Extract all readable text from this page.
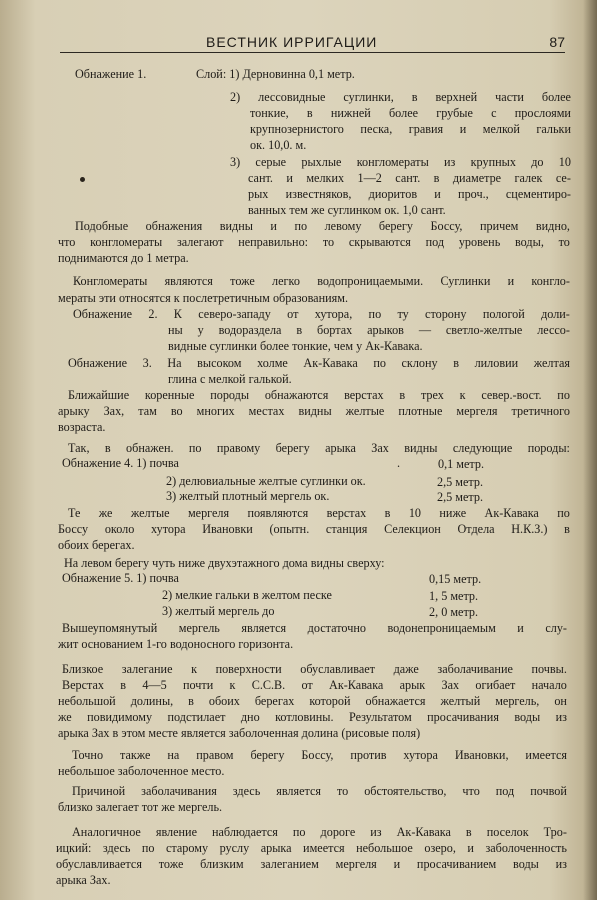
ВЕСТНИК ИРРИГАЦИИ	87
Обнажение 1.	Слой: 1) Дерновинна 0,1 метр.
2) лессовидные суглинки, в верхней части более
тонкие, в нижней более грубые с прослоями
крупнозернистого песка, гравия и мелкой гальки
ок. 10,0. м.
3) серые рыхлые конгломераты из крупных до 10
сант. и мелких 1—2 сант. в диаметре галек се-
рых известняков, диоритов и проч., сцементиро-
ванных тем же суглинком ок. 1,0 сант.
Подобные обнажения видны и по левому берегу Боссу, причем видно,
что конгломераты залегают неправильно: то скрываются под уровень воды, то
поднимаются до 1 метра.
Конгломераты являются тоже легко водопроницаемыми. Суглинки и конгло-
мераты эти относятся к послетретичным образованиям.
Обнажение 2. К северо-западу от хутора, по ту сторону пологой доли-
ны у водораздела в бортах арыков — светло-желтые лессо-
видные суглинки более тонкие, чем у Ак-Кавака.
Обнажение 3. На высоком холме Ак-Кавака по склону в лиловии желтая
глина с мелкой галькой.
Ближайшие коренные породы обнажаются верстах в трех к север.-вост. по
арыку Зах, там во многих местах видны желтые плотные мергеля третичного
возраста.
Так, в обнажен. по правому берегу арыка Зах видны следующие породы:
Обнажение 4. 1) почва	.	0,1 метр.
2) делювиальные желтые суглинки ок.	2,5 метр.
3) желтый плотный мергель ок.	2,5 метр.
Те же желтые мергеля появляются верстах в 10 ниже Ак-Кавака по
Боссу около хутора Ивановки (опытн. станция Селекцион Отдела Н.К.З.) в
обоих берегах.
На левом берегу чуть ниже двухэтажного дома видны сверху:
Обнажение 5. 1) почва	0,15 метр.
2) мелкие гальки в желтом песке	1, 5 метр.
3) желтый мергель до	2, 0 метр.
Вышеупомянутый мергель является достаточно водонепроницаемым и слу-
жит основанием 1-го водоносного горизонта.
Близкое залегание к поверхности обуславливает даже заболачивание почвы.
Верстах в 4—5 почти к С.С.В. от Ак-Кавака арык Зах огибает начало
небольшой долины, в обоих берегах которой обнажается желтый мергель, он
же повидимому подстилает дно котловины. Результатом просачивания воды из
арыка Зах в этом месте является заболоченная долина (рисовые поля)
Точно также на правом берегу Боссу, против хутора Ивановки, имеется
небольшое заболоченное место.
Причиной заболачивания здесь является то обстоятельство, что под почвой
близко залегает тот же мергель.
Аналогичное явление наблюдается по дороге из Ак-Кавака в поселок Тро-
ицкий: здесь по старому руслу арыка имеется небольшое озеро, и заболоченность
обуславливается тоже близким залеганием мергеля и просачиванием воды из
арыка Зах.
